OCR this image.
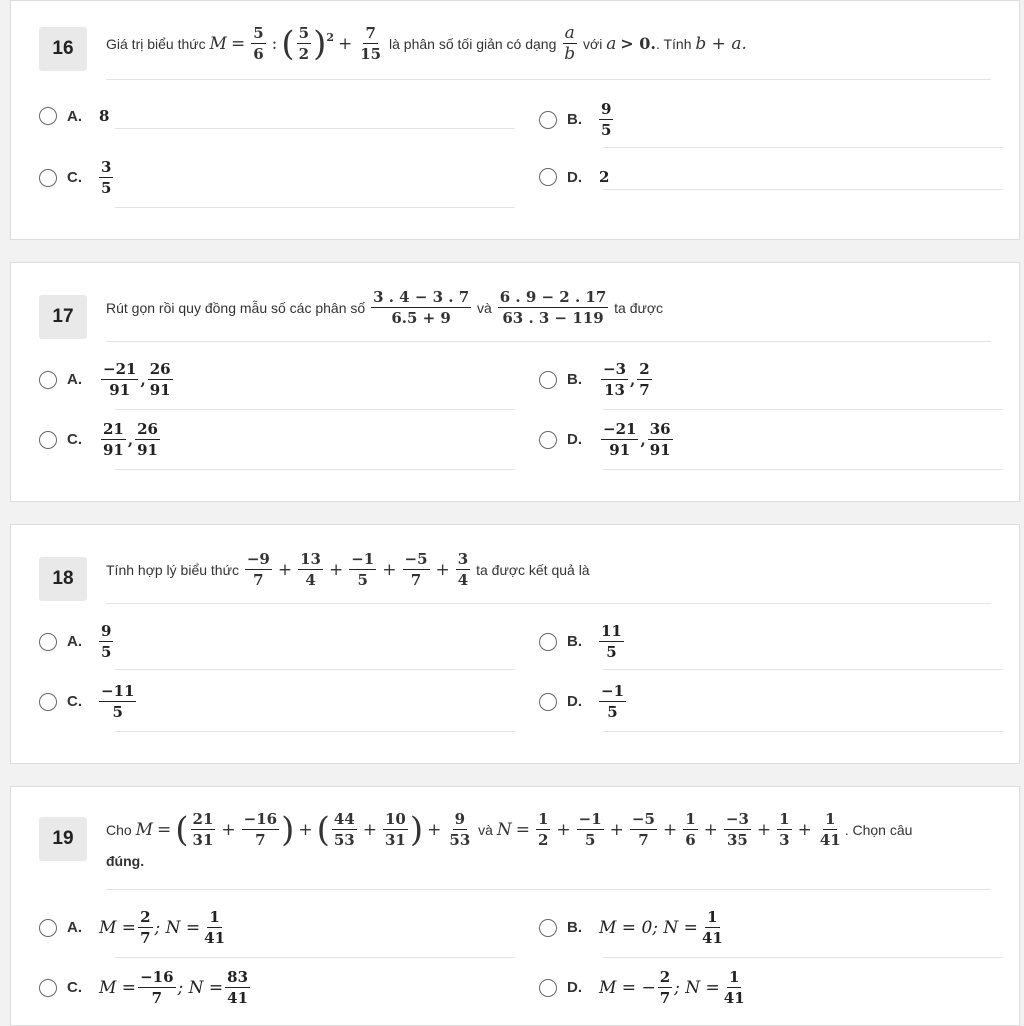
16	Giá trị biểu thức
$M = \frac{5}{6}$ : ( $\frac{5}{2}$ ) $2 + \frac{7}{15}$
là phân số tối giản có dạng
$\frac{a}{b}$
với
a
> 0. . Tính
b + a.
A.	8	B.	$\frac{9}{5}$
C.	$\frac{3}{5}$	D.	2
17	Rút gọn rồi quy đồng mẫu số các phân số
$\frac{3 . 4 - 3 . 7}{6.5 + 9}$
và
$\frac{6 . 9 - 2 . 17}{63 . 3 - 119}$
ta được
A.	$\frac{-21}{91}$ , $\frac{26}{91}$	B.	$\frac{-3}{13}$ , $\frac{2}{7}$
C.	$\frac{21}{91}$ , $\frac{26}{91}$	D.	$\frac{-21}{91}$ , $\frac{36}{91}$
18	Tính hợp lý biểu thức
$\frac{-9}{7} + \frac{13}{4} + \frac{-1}{5} + \frac{-5}{7} + \frac{3}{4}$
ta được kết quả là
A.	$\frac{9}{5}$	B.	$\frac{11}{5}$
C.	$\frac{-11}{5}$	D.	$\frac{-1}{5}$
19	Cho
M = ( $\frac{21}{31} + \frac{-16}{7}$ ) + ( $\frac{44}{53} + \frac{10}{31}$ ) + $\frac{9}{53}$
và
$N = \frac{1}{2} + \frac{-1}{5} + \frac{-5}{7} + \frac{1}{6} + \frac{-3}{35} + \frac{1}{3} + \frac{1}{41}$ . Chọn câu
đúng.
A.	$M = \frac{2}{7}$ ; $N = \frac{1}{41}$	B.	M = 0; $N = \frac{1}{41}$
C.	$M = \frac{-16}{7}$ ; $N = \frac{83}{41}$	D.	M = − $\frac{2}{7}$ ; $N = \frac{1}{41}$
